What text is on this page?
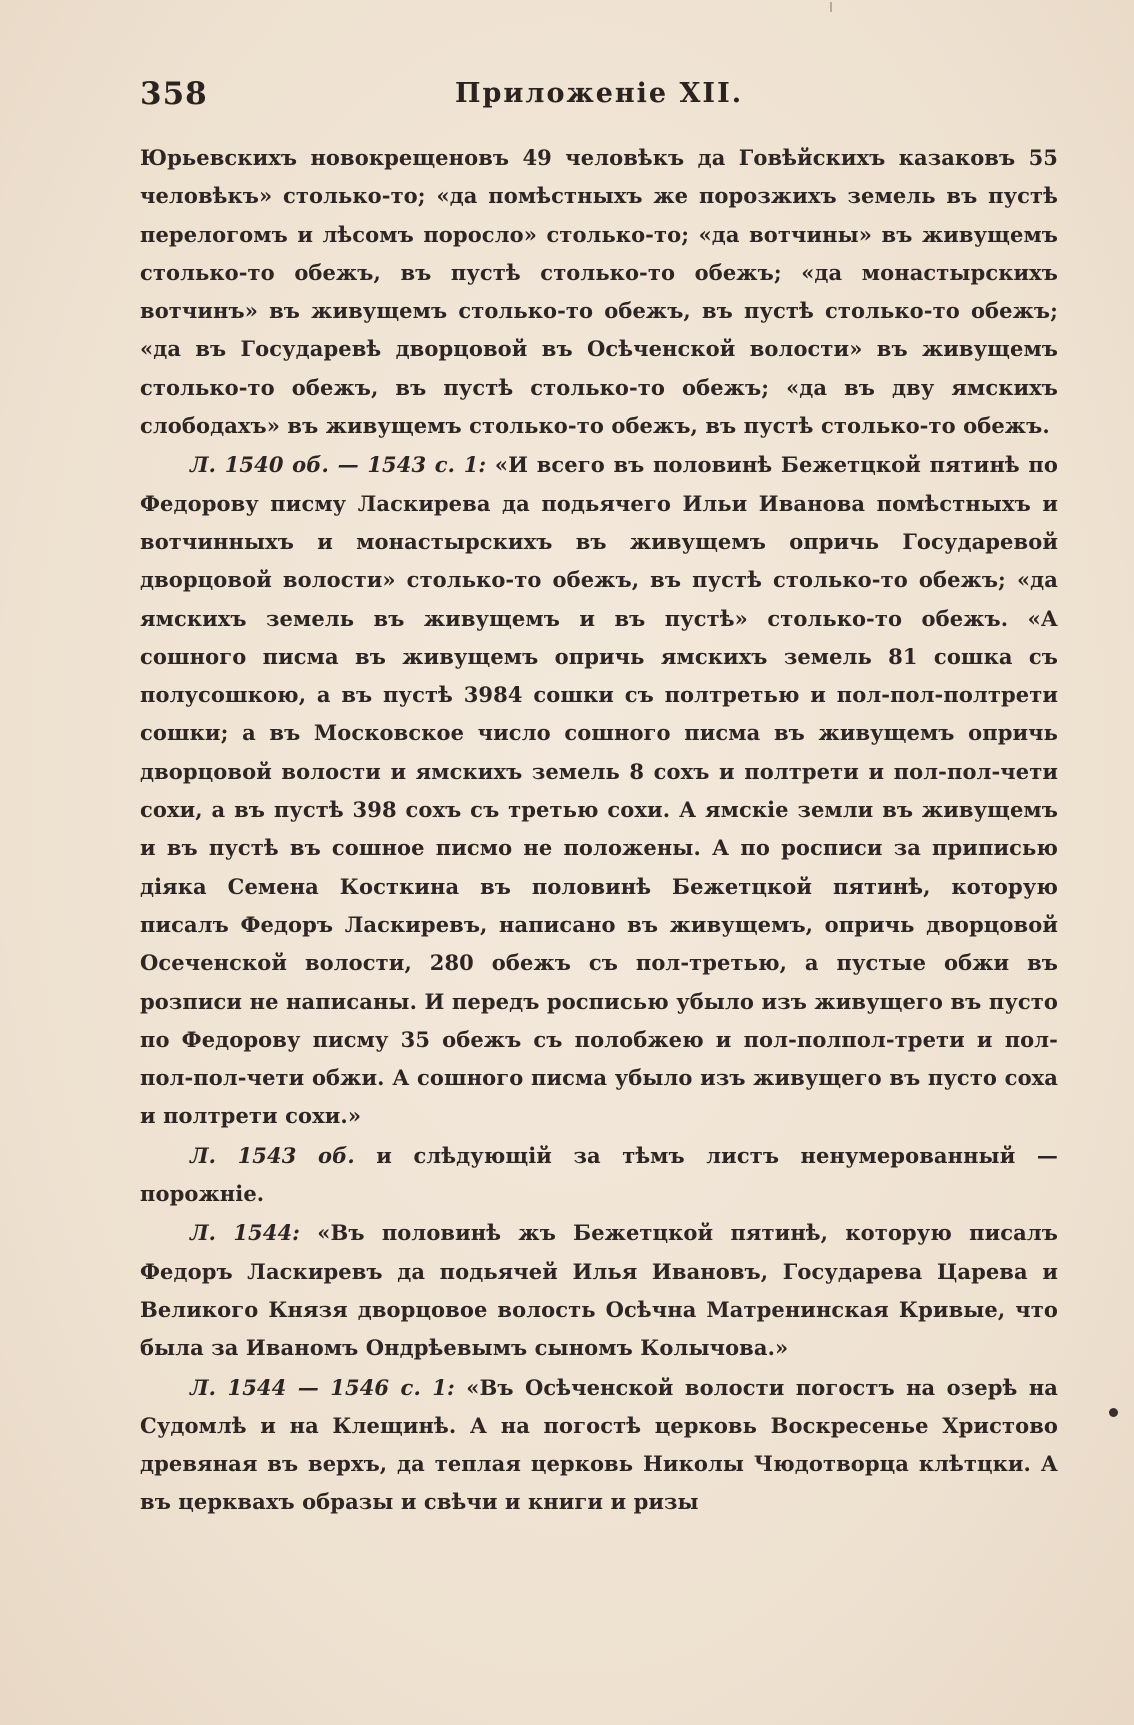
358	Приложенiе XII.

Юрьевскихъ новокрещеновъ 49 человѣкъ да Говѣйскихъ казаковъ 55 человѣкъ» столько-то; «да помѣстныхъ же порозжихъ земель въ пустѣ перелогомъ и лѣсомъ поросло» столько-то; «да вотчины» въ живущемъ столько-то обежъ, въ пустѣ столько-то обежъ; «да монастырскихъ вотчинъ» въ живущемъ столько-то обежъ, въ пустѣ столько-то обежъ; «да въ Государевѣ дворцовой въ Осѣченской волости» въ живущемъ столько-то обежъ, въ пустѣ столько-то обежъ; «да въ дву ямскихъ слободахъ» въ живущемъ столько-то обежъ, въ пустѣ столько-то обежъ.

Л. 1540 об. — 1543 с. 1: «И всего въ половинѣ Бежетцкой пятинѣ по Федорову писму Ласкирева да подьячего Ильи Иванова помѣстныхъ и вотчинныхъ и монастырскихъ въ живущемъ опричь Государевой дворцовой волости» столько-то обежъ, въ пустѣ столько-то обежъ; «да ямскихъ земель въ живущемъ и въ пустѣ» столько-то обежъ. «А сошного писма въ живущемъ опричь ямскихъ земель 81 сошка съ полусошкою, а въ пустѣ 3984 сошки съ полтретью и пол-пол-полтрети сошки; а въ Московское число сошного писма въ живущемъ опричь дворцовой волости и ямскихъ земель 8 сохъ и полтрети и пол-пол-чети сохи, а въ пустѣ 398 сохъ съ третью сохи. А ямскіе земли въ живущемъ и въ пустѣ въ сошное писмо не положены. А по росписи за приписью дiяка Семена Косткина въ половинѣ Бежетцкой пятинѣ, которую писалъ Федоръ Ласкиревъ, написано въ живущемъ, опричь дворцовой Осеченской волости, 280 обежъ съ пол-третью, а пустые обжи въ розписи не написаны. И передъ росписью убыло изъ живущего въ пусто по Федорову писму 35 обежъ съ полобжею и пол-полпол-трети и пол-пол-пол-чети обжи. А сошного писма убыло изъ живущего въ пусто соха и полтрети сохи.»

Л. 1543 об. и слѣдующiй за тѣмъ листъ ненумерованный — порожнiе.

Л. 1544: «Въ половинѣ жъ Бежетцкой пятинѣ, которую писалъ Федоръ Ласкиревъ да подьячей Илья Ивановъ, Государева Царева и Великого Князя дворцовое волость Осѣчна Матренинская Кривые, что была за Иваномъ Ондрѣевымъ сыномъ Колычова.»

Л. 1544 — 1546 с. 1: «Въ Осѣченской волости погостъ на озерѣ на Судомлѣ и на Клещинѣ. А на погостѣ церковь Воскресенье Христово древяная въ верхъ, да теплая церковь Николы Чюдотворца клѣтцки. А въ церквахъ образы и свѣчи и книги и ризы
